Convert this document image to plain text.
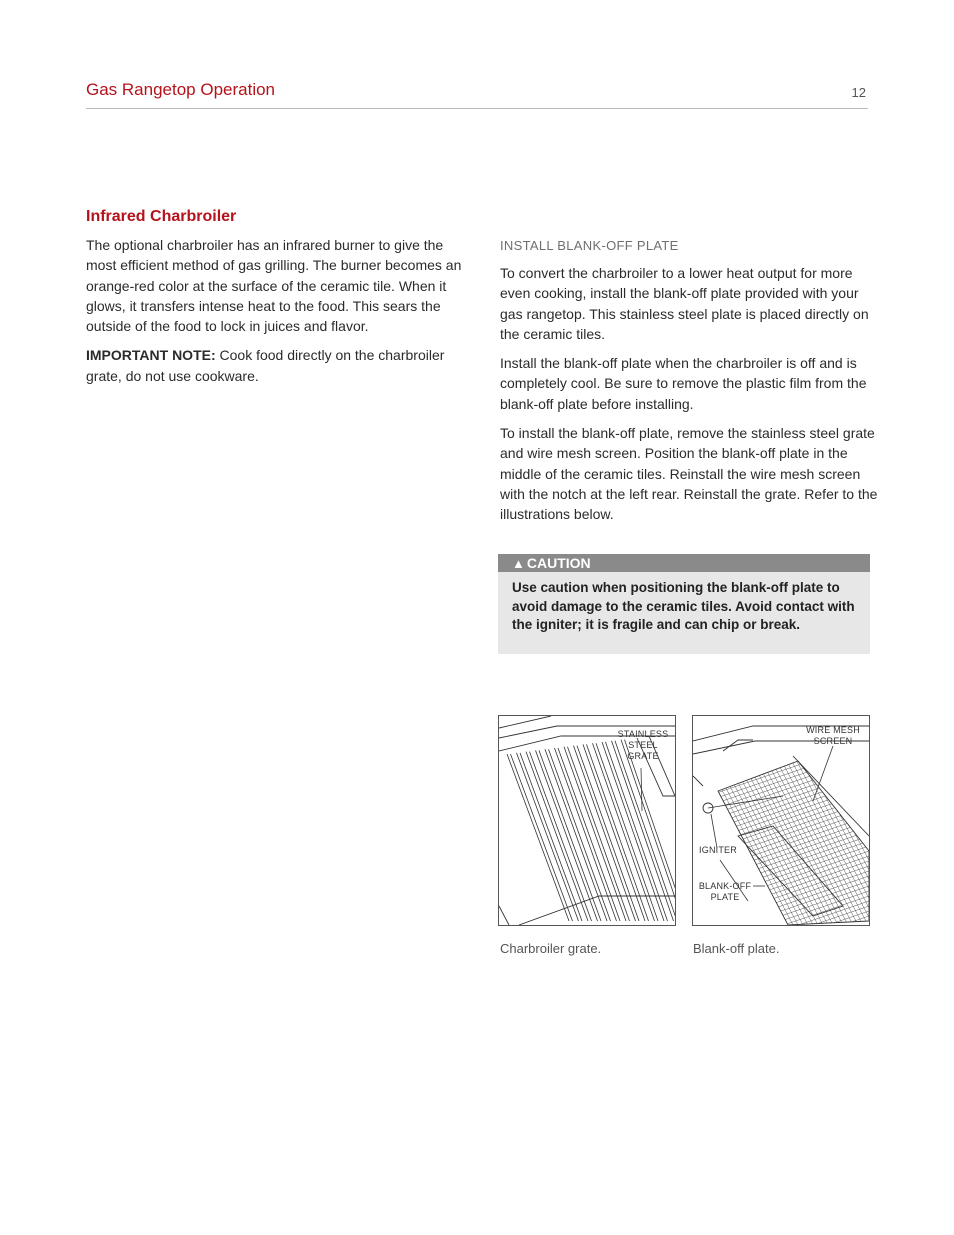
Gas Rangetop Operation	12
Infrared Charbroiler

The optional charbroiler has an infrared burner to give the most efficient method of gas grilling. The burner becomes an orange-red color at the surface of the ceramic tile. When it glows, it transfers intense heat to the food. This sears the outside of the food to lock in juices and flavor.

IMPORTANT NOTE: Cook food directly on the charbroiler grate, do not use cookware.

INSTALL BLANK-OFF PLATE

To convert the charbroiler to a lower heat output for more even cooking, install the blank-off plate provided with your gas rangetop. This stainless steel plate is placed directly on the ceramic tiles.

Install the blank-off plate when the charbroiler is off and is completely cool. Be sure to remove the plastic film from the blank-off plate before installing.

To install the blank-off plate, remove the stainless steel grate and wire mesh screen. Position the blank-off plate in the middle of the ceramic tiles. Reinstall the wire mesh screen with the notch at the left rear. Reinstall the grate. Refer to the illustrations below.

▲ CAUTION
Use caution when positioning the blank-off plate to avoid damage to the ceramic tiles. Avoid contact with the igniter; it is fragile and can chip or break.
STAINLESS
STEEL
GRATE
Charbroiler grate.
WIRE MESH
SCREEN
IGNITER
BLANK-OFF
PLATE
Blank-off plate.
